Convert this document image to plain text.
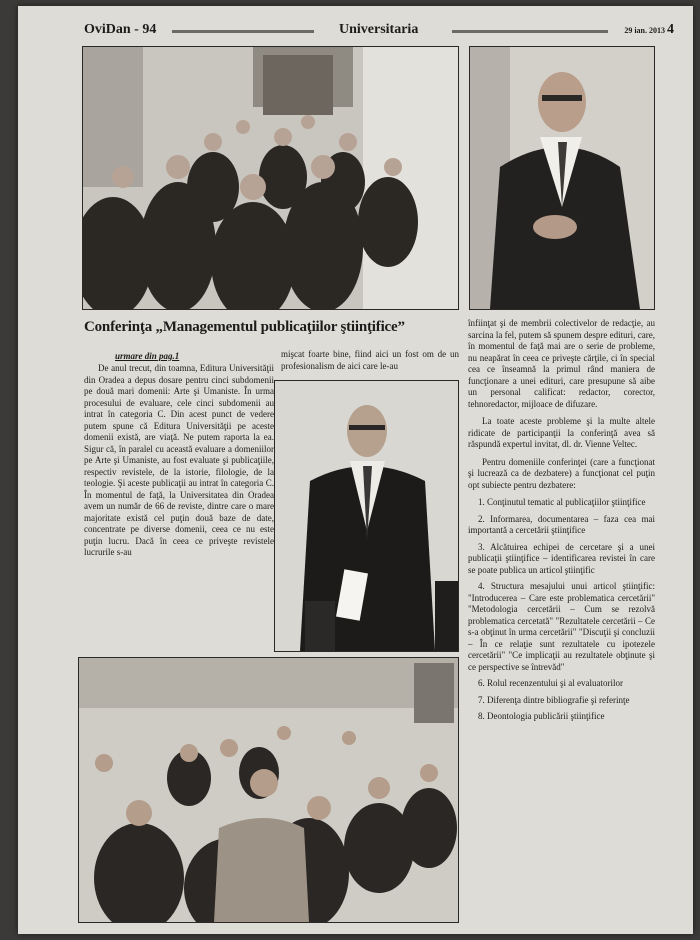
OviDan - 94	Universitaria	29 ian. 2013 4
Conferinţa „Managementul publicaţiilor ştiinţifice”
urmare din pag.1

De anul trecut, din toamna, Editura Universităţii din Oradea a depus dosare pentru cinci subdomenii pe două mari domenii: Arte şi Umaniste. În urma procesului de evaluare, cele cinci subdomenii au intrat în categoria C. Din acest punct de vedere putem spune că Editura Universităţii pe aceste domenii există, are viaţă. Ne putem raporta la ea. Sigur că, în paralel cu această evaluare a domeniilor pe Arte şi Umaniste, au fost evaluate şi publicaţiile, respectiv revistele, de la istorie, filologie, de la teologie. Şi aceste publicaţii au intrat în categoria C. În momentul de faţă, la Universitatea din Oradea avem un număr de 66 de reviste, dintre care o mare majoritate există cel puţin două baze de date, concentrate pe diverse domenii, ceea ce nu este puţin lucru. Dacă în ceea ce priveşte revistele lucrurile s-au

mişcat foarte bine, fiind aici un fost om de un profesionalism de aici care le-au

înfiinţat şi de membrii colectivelor de redacţie, au sarcina la fel, putem să spunem despre edituri, care, în momentul de faţă mai are o serie de probleme, nu neapărat în ceea ce priveşte cărţile, ci în special cea ce înseamnă la primul rând maniera de funcţionare a unei edituri, care presupune să aibe un personal calificat: redactor, corector, tehnoredactor, mijloace de difuzare.

La toate aceste probleme şi la multe altele ridicate de participanţii la conferinţă avea să răspundă expertul invitat, dl. dr. Vienne Veltec.

Pentru domeniile conferinţei (care a funcţionat şi lucrează ca de dezbatere) a funcţionat cel puţin opt subiecte pentru dezbatere:

1. Conţinutul tematic al publicaţiilor ştiinţifice

2. Informarea, documentarea – faza cea mai importantă a cercetării ştiinţifice

3. Alcătuirea echipei de cercetare şi a unei publicaţii ştiinţifice – identificarea revistei în care se poate publica un articol ştiinţific

4. Structura mesajului unui articol ştiinţific: "Introducerea – Care este problematica cercetării" "Metodologia cercetării – Cum se rezolvă problematica cercetată" "Rezultatele cercetării – Ce s-a obţinut în urma cercetării" "Discuţii şi concluzii – În ce relaţie sunt rezultatele cu ipotezele cercetării" "Ce implicaţii au rezultatele obţinute şi ce perspective se întrevăd"

6. Rolul recenzentului şi al evaluatorilor

7. Diferenţa dintre bibliografie şi referinţe

8. Deontologia publicării ştiinţifice
